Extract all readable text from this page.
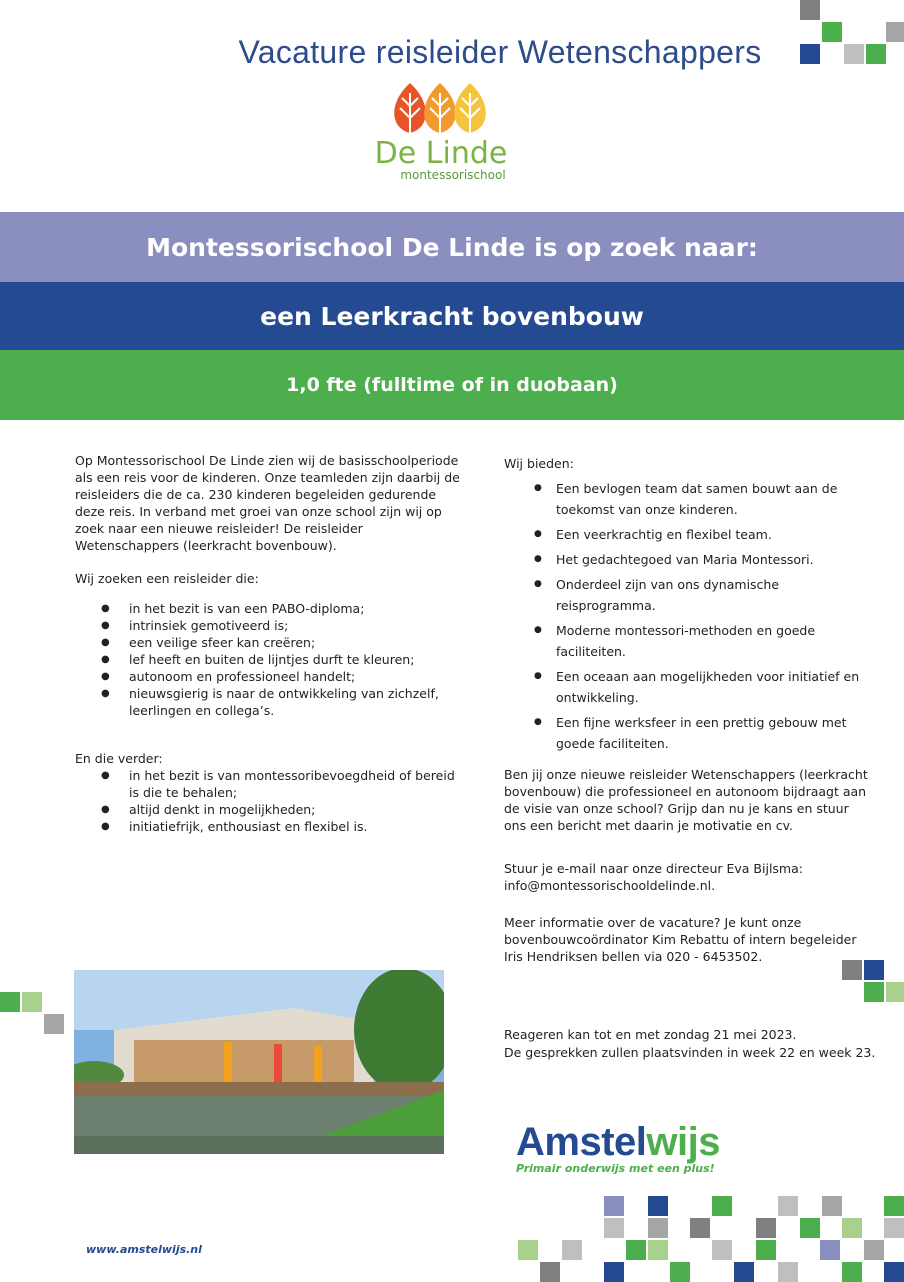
Vacature reisleider Wetenschappers
De Linde
montessorischool
Montessorischool De Linde is op zoek naar:
een Leerkracht bovenbouw
1,0 fte (fulltime of in duobaan)
Op Montessorischool De Linde zien wij de basisschoolperiode als een reis voor de kinderen. Onze teamleden zijn daarbij de reisleiders die de ca. 230 kinderen begeleiden gedurende deze reis. In verband met groei van onze school zijn wij op zoek naar een nieuwe reisleider! De reisleider Wetenschappers (leerkracht bovenbouw).
Wij zoeken een reisleider die:
● in het bezit is van een PABO-diploma;
● intrinsiek gemotiveerd is;
● een veilige sfeer kan creëren;
● lef heeft en buiten de lijntjes durft te kleuren;
● autonoom en professioneel handelt;
● nieuwsgierig is naar de ontwikkeling van zichzelf, leerlingen en collega’s.
En die verder:
● in het bezit is van montessoribevoegdheid of bereid is die te behalen;
● altijd denkt in mogelijkheden;
● initiatiefrijk, enthousiast en flexibel is.
Wij bieden:
● Een bevlogen team dat samen bouwt aan de toekomst van onze kinderen.
● Een veerkrachtig en flexibel team.
● Het gedachtegoed van Maria Montessori.
● Onderdeel zijn van ons dynamische reisprogramma.
● Moderne montessori-methoden en goede faciliteiten.
● Een oceaan aan mogelijkheden voor initiatief en ontwikkeling.
● Een fijne werksfeer in een prettig gebouw met goede faciliteiten.
Ben jij onze nieuwe reisleider Wetenschappers (leerkracht bovenbouw) die professioneel en autonoom bijdraagt aan de visie van onze school? Grijp dan nu je kans en stuur ons een bericht met daarin je motivatie en cv.
Stuur je e-mail naar onze directeur Eva Bijlsma:
info@montessorischooldelinde.nl.
Meer informatie over de vacature? Je kunt onze bovenbouwcoördinator Kim Rebattu of intern begeleider Iris Hendriksen bellen via 020 - 6453502.
Reageren kan tot en met zondag 21 mei 2023.
De gesprekken zullen plaatsvinden in week 22 en week 23.
Amstelwijs
Primair onderwijs met een plus!
www.amstelwijs.nl
